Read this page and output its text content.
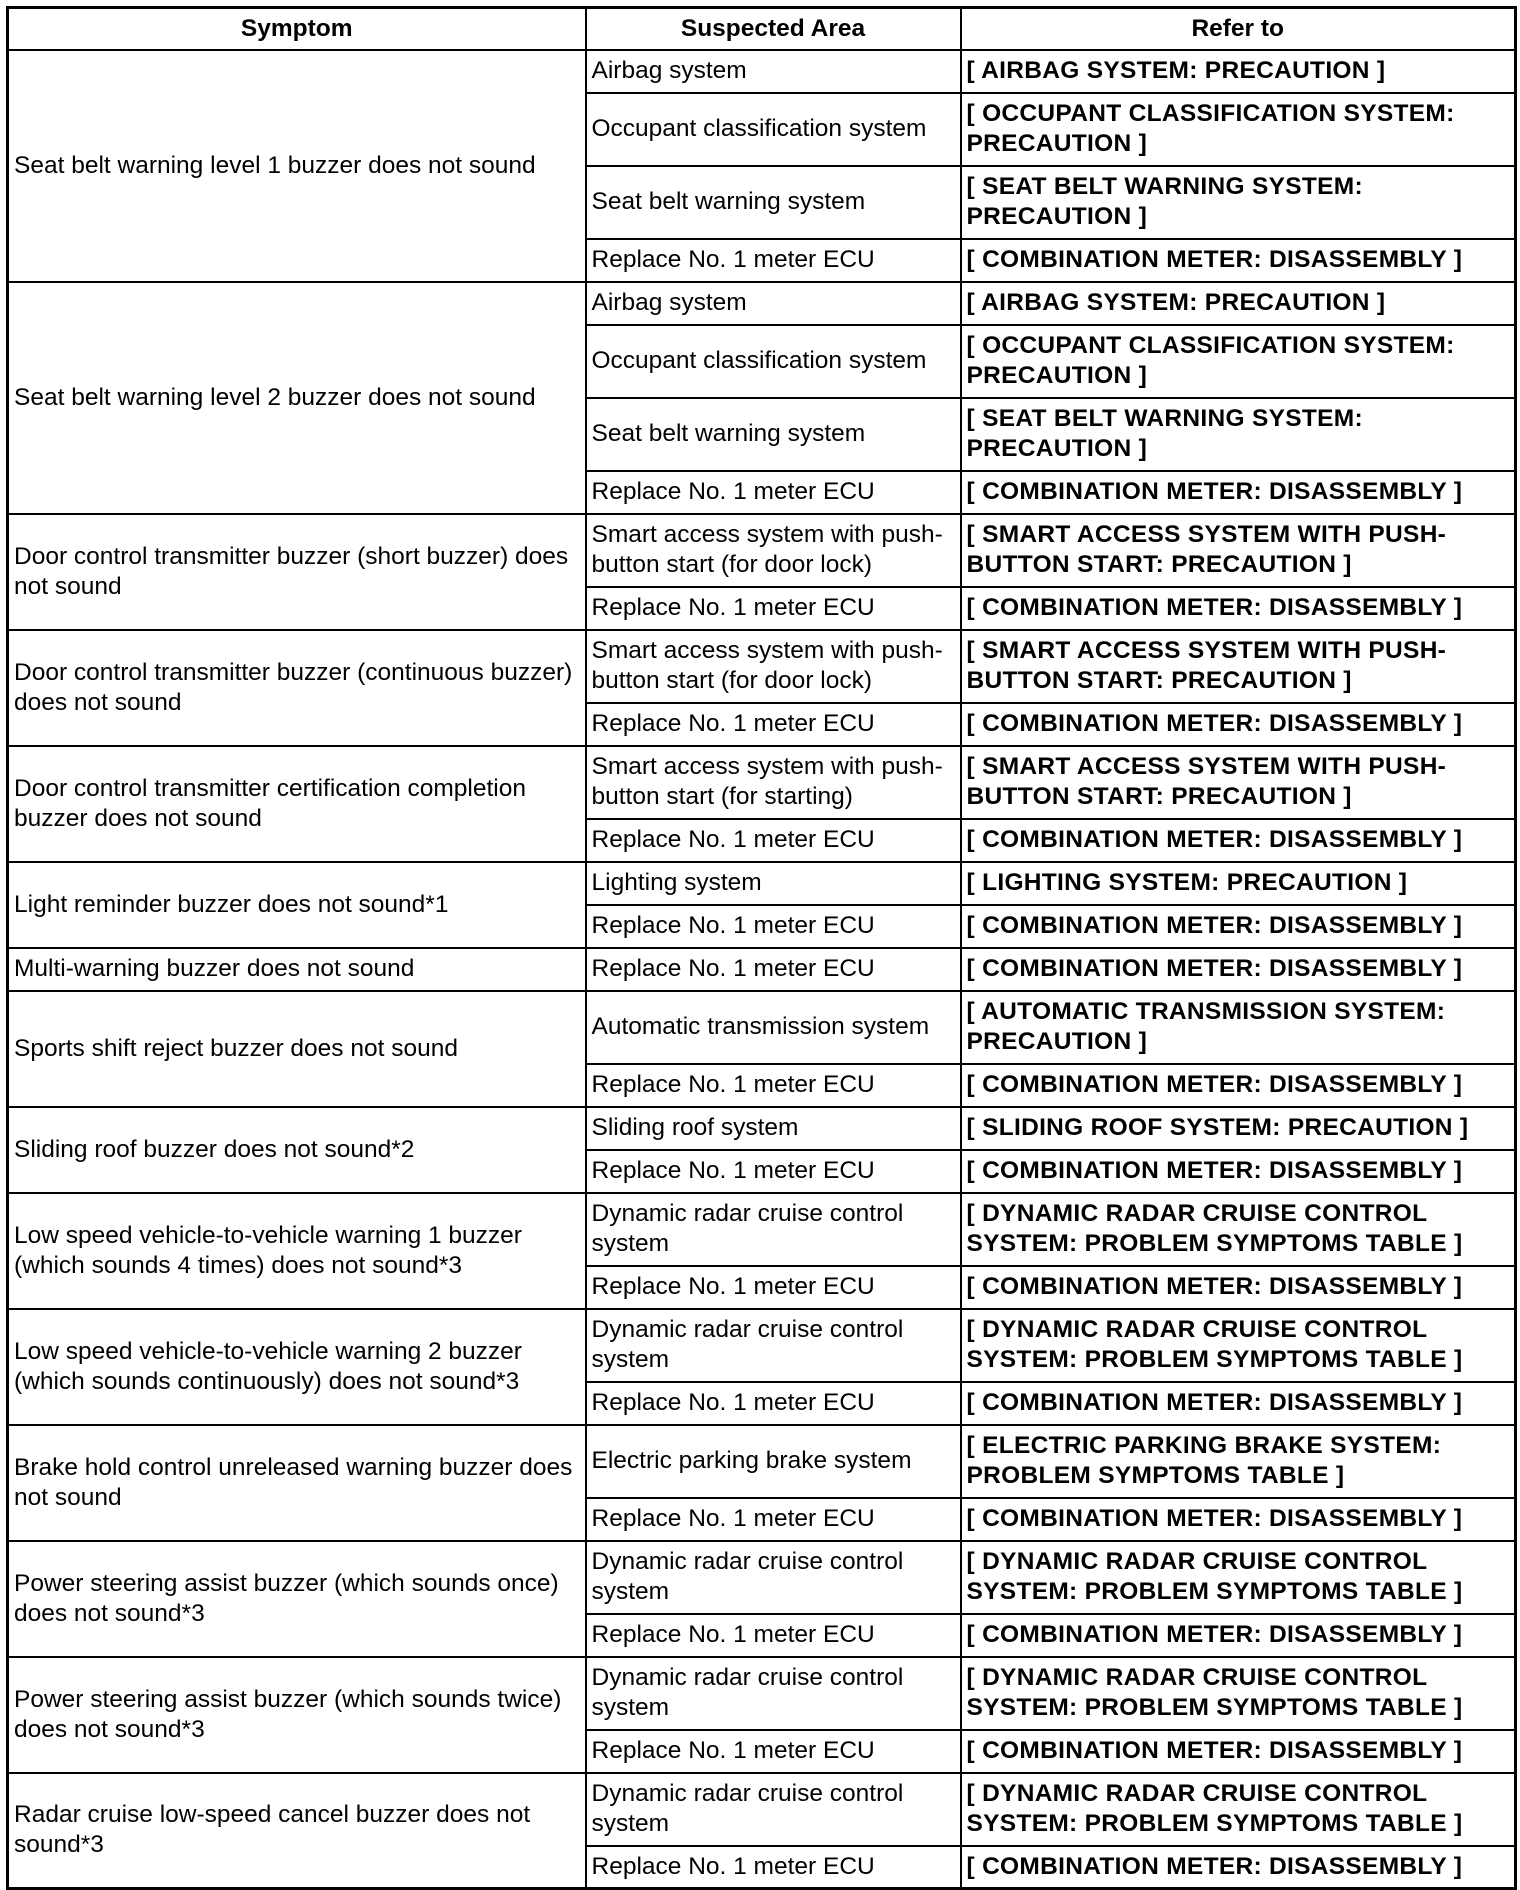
Symptom	Suspected Area	Refer to
Seat belt warning level 1 buzzer does not sound	Airbag system	[ AIRBAG SYSTEM: PRECAUTION ]
	Occupant classification system	[ OCCUPANT CLASSIFICATION SYSTEM: PRECAUTION ]
	Seat belt warning system	[ SEAT BELT WARNING SYSTEM: PRECAUTION ]
	Replace No. 1 meter ECU	[ COMBINATION METER: DISASSEMBLY ]
Seat belt warning level 2 buzzer does not sound	Airbag system	[ AIRBAG SYSTEM: PRECAUTION ]
	Occupant classification system	[ OCCUPANT CLASSIFICATION SYSTEM: PRECAUTION ]
	Seat belt warning system	[ SEAT BELT WARNING SYSTEM: PRECAUTION ]
	Replace No. 1 meter ECU	[ COMBINATION METER: DISASSEMBLY ]
Door control transmitter buzzer (short buzzer) does not sound	Smart access system with push-button start (for door lock)	[ SMART ACCESS SYSTEM WITH PUSH-BUTTON START: PRECAUTION ]
	Replace No. 1 meter ECU	[ COMBINATION METER: DISASSEMBLY ]
Door control transmitter buzzer (continuous buzzer) does not sound	Smart access system with push-button start (for door lock)	[ SMART ACCESS SYSTEM WITH PUSH-BUTTON START: PRECAUTION ]
	Replace No. 1 meter ECU	[ COMBINATION METER: DISASSEMBLY ]
Door control transmitter certification completion buzzer does not sound	Smart access system with push-button start (for starting)	[ SMART ACCESS SYSTEM WITH PUSH-BUTTON START: PRECAUTION ]
	Replace No. 1 meter ECU	[ COMBINATION METER: DISASSEMBLY ]
Light reminder buzzer does not sound*1	Lighting system	[ LIGHTING SYSTEM: PRECAUTION ]
	Replace No. 1 meter ECU	[ COMBINATION METER: DISASSEMBLY ]
Multi-warning buzzer does not sound	Replace No. 1 meter ECU	[ COMBINATION METER: DISASSEMBLY ]
Sports shift reject buzzer does not sound	Automatic transmission system	[ AUTOMATIC TRANSMISSION SYSTEM: PRECAUTION ]
	Replace No. 1 meter ECU	[ COMBINATION METER: DISASSEMBLY ]
Sliding roof buzzer does not sound*2	Sliding roof system	[ SLIDING ROOF SYSTEM: PRECAUTION ]
	Replace No. 1 meter ECU	[ COMBINATION METER: DISASSEMBLY ]
Low speed vehicle-to-vehicle warning 1 buzzer (which sounds 4 times) does not sound*3	Dynamic radar cruise control system	[ DYNAMIC RADAR CRUISE CONTROL SYSTEM: PROBLEM SYMPTOMS TABLE ]
	Replace No. 1 meter ECU	[ COMBINATION METER: DISASSEMBLY ]
Low speed vehicle-to-vehicle warning 2 buzzer (which sounds continuously) does not sound*3	Dynamic radar cruise control system	[ DYNAMIC RADAR CRUISE CONTROL SYSTEM: PROBLEM SYMPTOMS TABLE ]
	Replace No. 1 meter ECU	[ COMBINATION METER: DISASSEMBLY ]
Brake hold control unreleased warning buzzer does not sound	Electric parking brake system	[ ELECTRIC PARKING BRAKE SYSTEM: PROBLEM SYMPTOMS TABLE ]
	Replace No. 1 meter ECU	[ COMBINATION METER: DISASSEMBLY ]
Power steering assist buzzer (which sounds once) does not sound*3	Dynamic radar cruise control system	[ DYNAMIC RADAR CRUISE CONTROL SYSTEM: PROBLEM SYMPTOMS TABLE ]
	Replace No. 1 meter ECU	[ COMBINATION METER: DISASSEMBLY ]
Power steering assist buzzer (which sounds twice) does not sound*3	Dynamic radar cruise control system	[ DYNAMIC RADAR CRUISE CONTROL SYSTEM: PROBLEM SYMPTOMS TABLE ]
	Replace No. 1 meter ECU	[ COMBINATION METER: DISASSEMBLY ]
Radar cruise low-speed cancel buzzer does not sound*3	Dynamic radar cruise control system	[ DYNAMIC RADAR CRUISE CONTROL SYSTEM: PROBLEM SYMPTOMS TABLE ]
	Replace No. 1 meter ECU	[ COMBINATION METER: DISASSEMBLY ]
